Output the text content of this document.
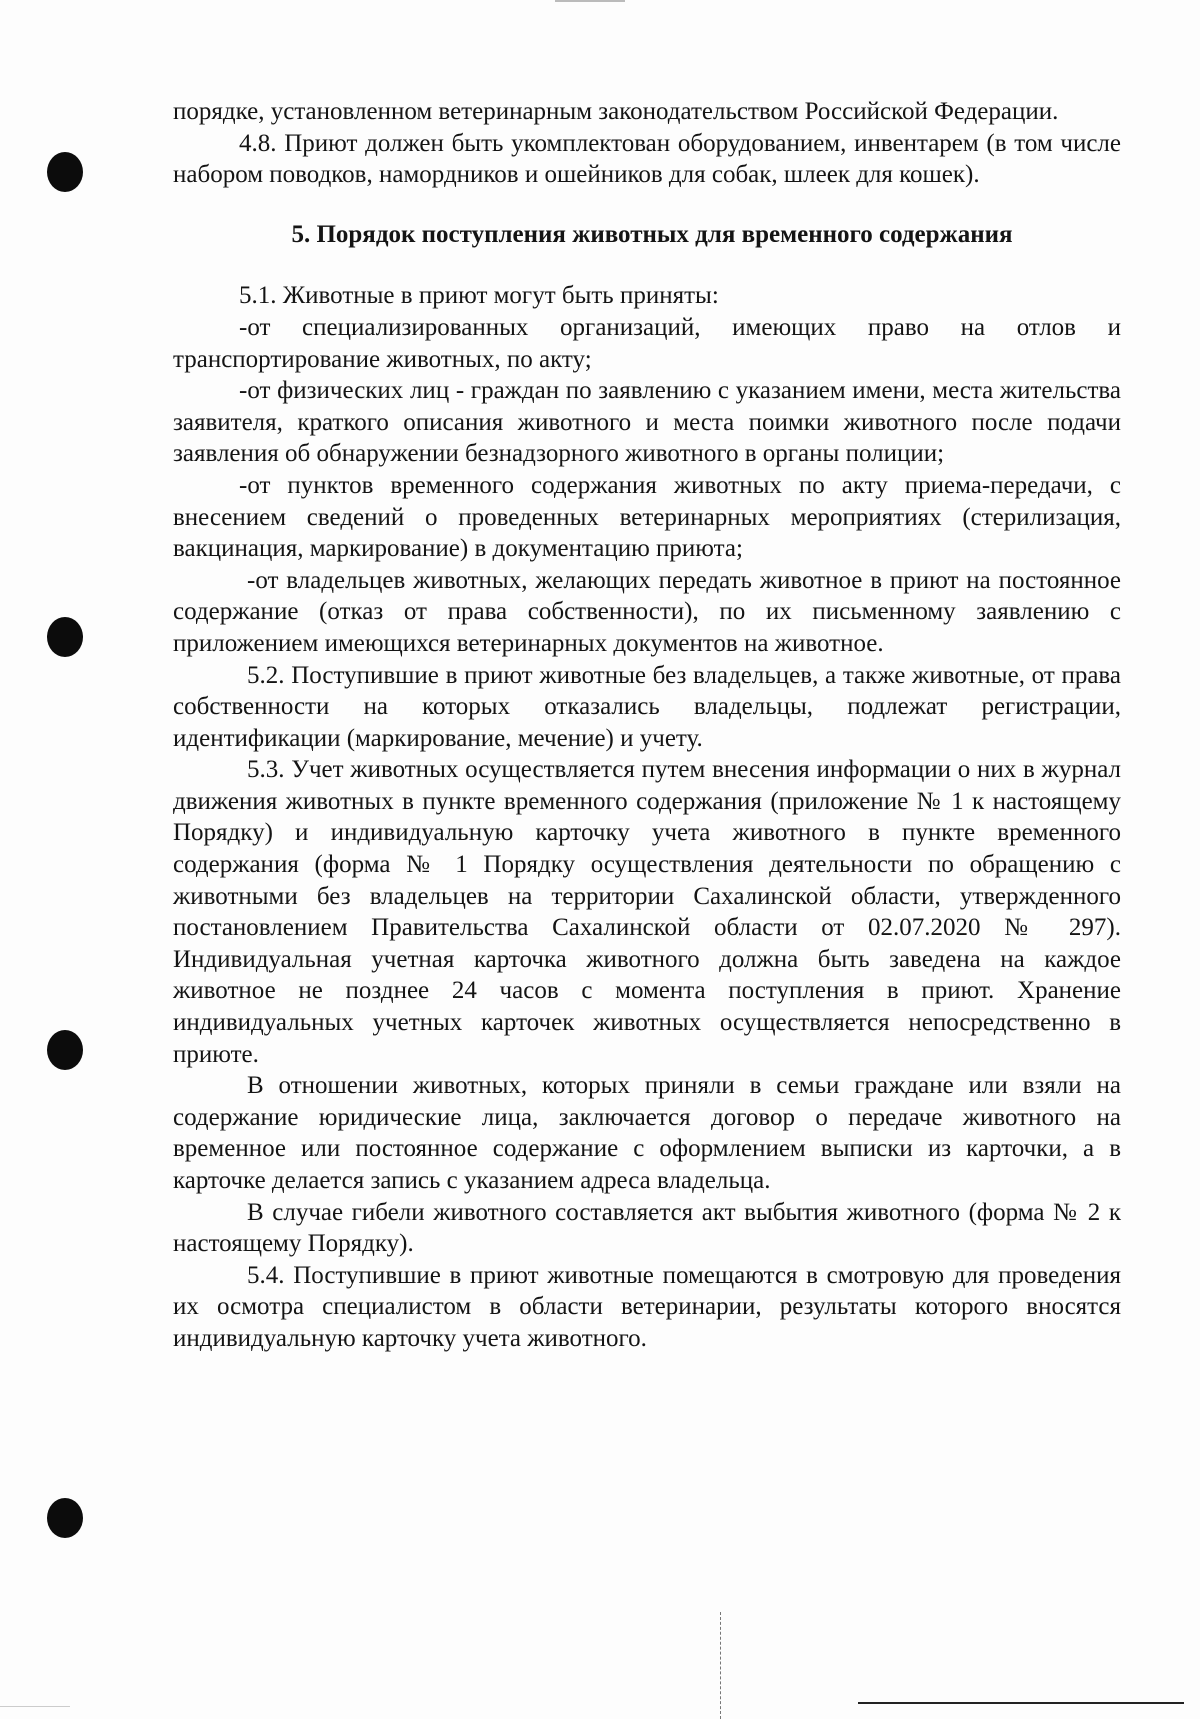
порядке, установленном ветеринарным законодательством Российской Федерации.

4.8. Приют должен быть укомплектован оборудованием, инвентарем (в том числе набором поводков, намордников и ошейников для собак, шлеек для кошек).

5. Порядок поступления животных для временного содержания

5.1. Животные в приют могут быть приняты:

-от специализированных организаций, имеющих право на отлов и транспортирование животных, по акту;

-от физических лиц - граждан по заявлению с указанием имени, места жительства заявителя, краткого описания животного и места поимки животного после подачи заявления об обнаружении безнадзорного животного в органы полиции;

-от пунктов временного содержания животных по акту приема-передачи, с внесением сведений о проведенных ветеринарных мероприятиях (стерилизация, вакцинация, маркирование) в документацию приюта;

-от владельцев животных, желающих передать животное в приют на постоянное содержание (отказ от права собственности), по их письменному заявлению с приложением имеющихся ветеринарных документов на животное.

5.2. Поступившие в приют животные без владельцев, а также животные, от права собственности на которых отказались владельцы, подлежат регистрации, идентификации (маркирование, мечение) и учету.

5.3. Учет животных осуществляется путем внесения информации о них в журнал движения животных в пункте временного содержания (приложение № 1 к настоящему Порядку) и индивидуальную карточку учета животного в пункте временного содержания (форма № 1 Порядку осуществления деятельности по обращению с животными без владельцев на территории Сахалинской области, утвержденного постановлением Правительства Сахалинской области от 02.07.2020 № 297). Индивидуальная учетная карточка животного должна быть заведена на каждое животное не позднее 24 часов с момента поступления в приют. Хранение индивидуальных учетных карточек животных осуществляется непосредственно в приюте.

В отношении животных, которых приняли в семьи граждане или взяли на содержание юридические лица, заключается договор о передаче животного на временное или постоянное содержание с оформлением выписки из карточки, а в карточке делается запись с указанием адреса владельца.

В случае гибели животного составляется акт выбытия животного (форма № 2 к настоящему Порядку).

5.4. Поступившие в приют животные помещаются в смотровую для проведения их осмотра специалистом в области ветеринарии, результаты которого вносятся индивидуальную карточку учета животного.
